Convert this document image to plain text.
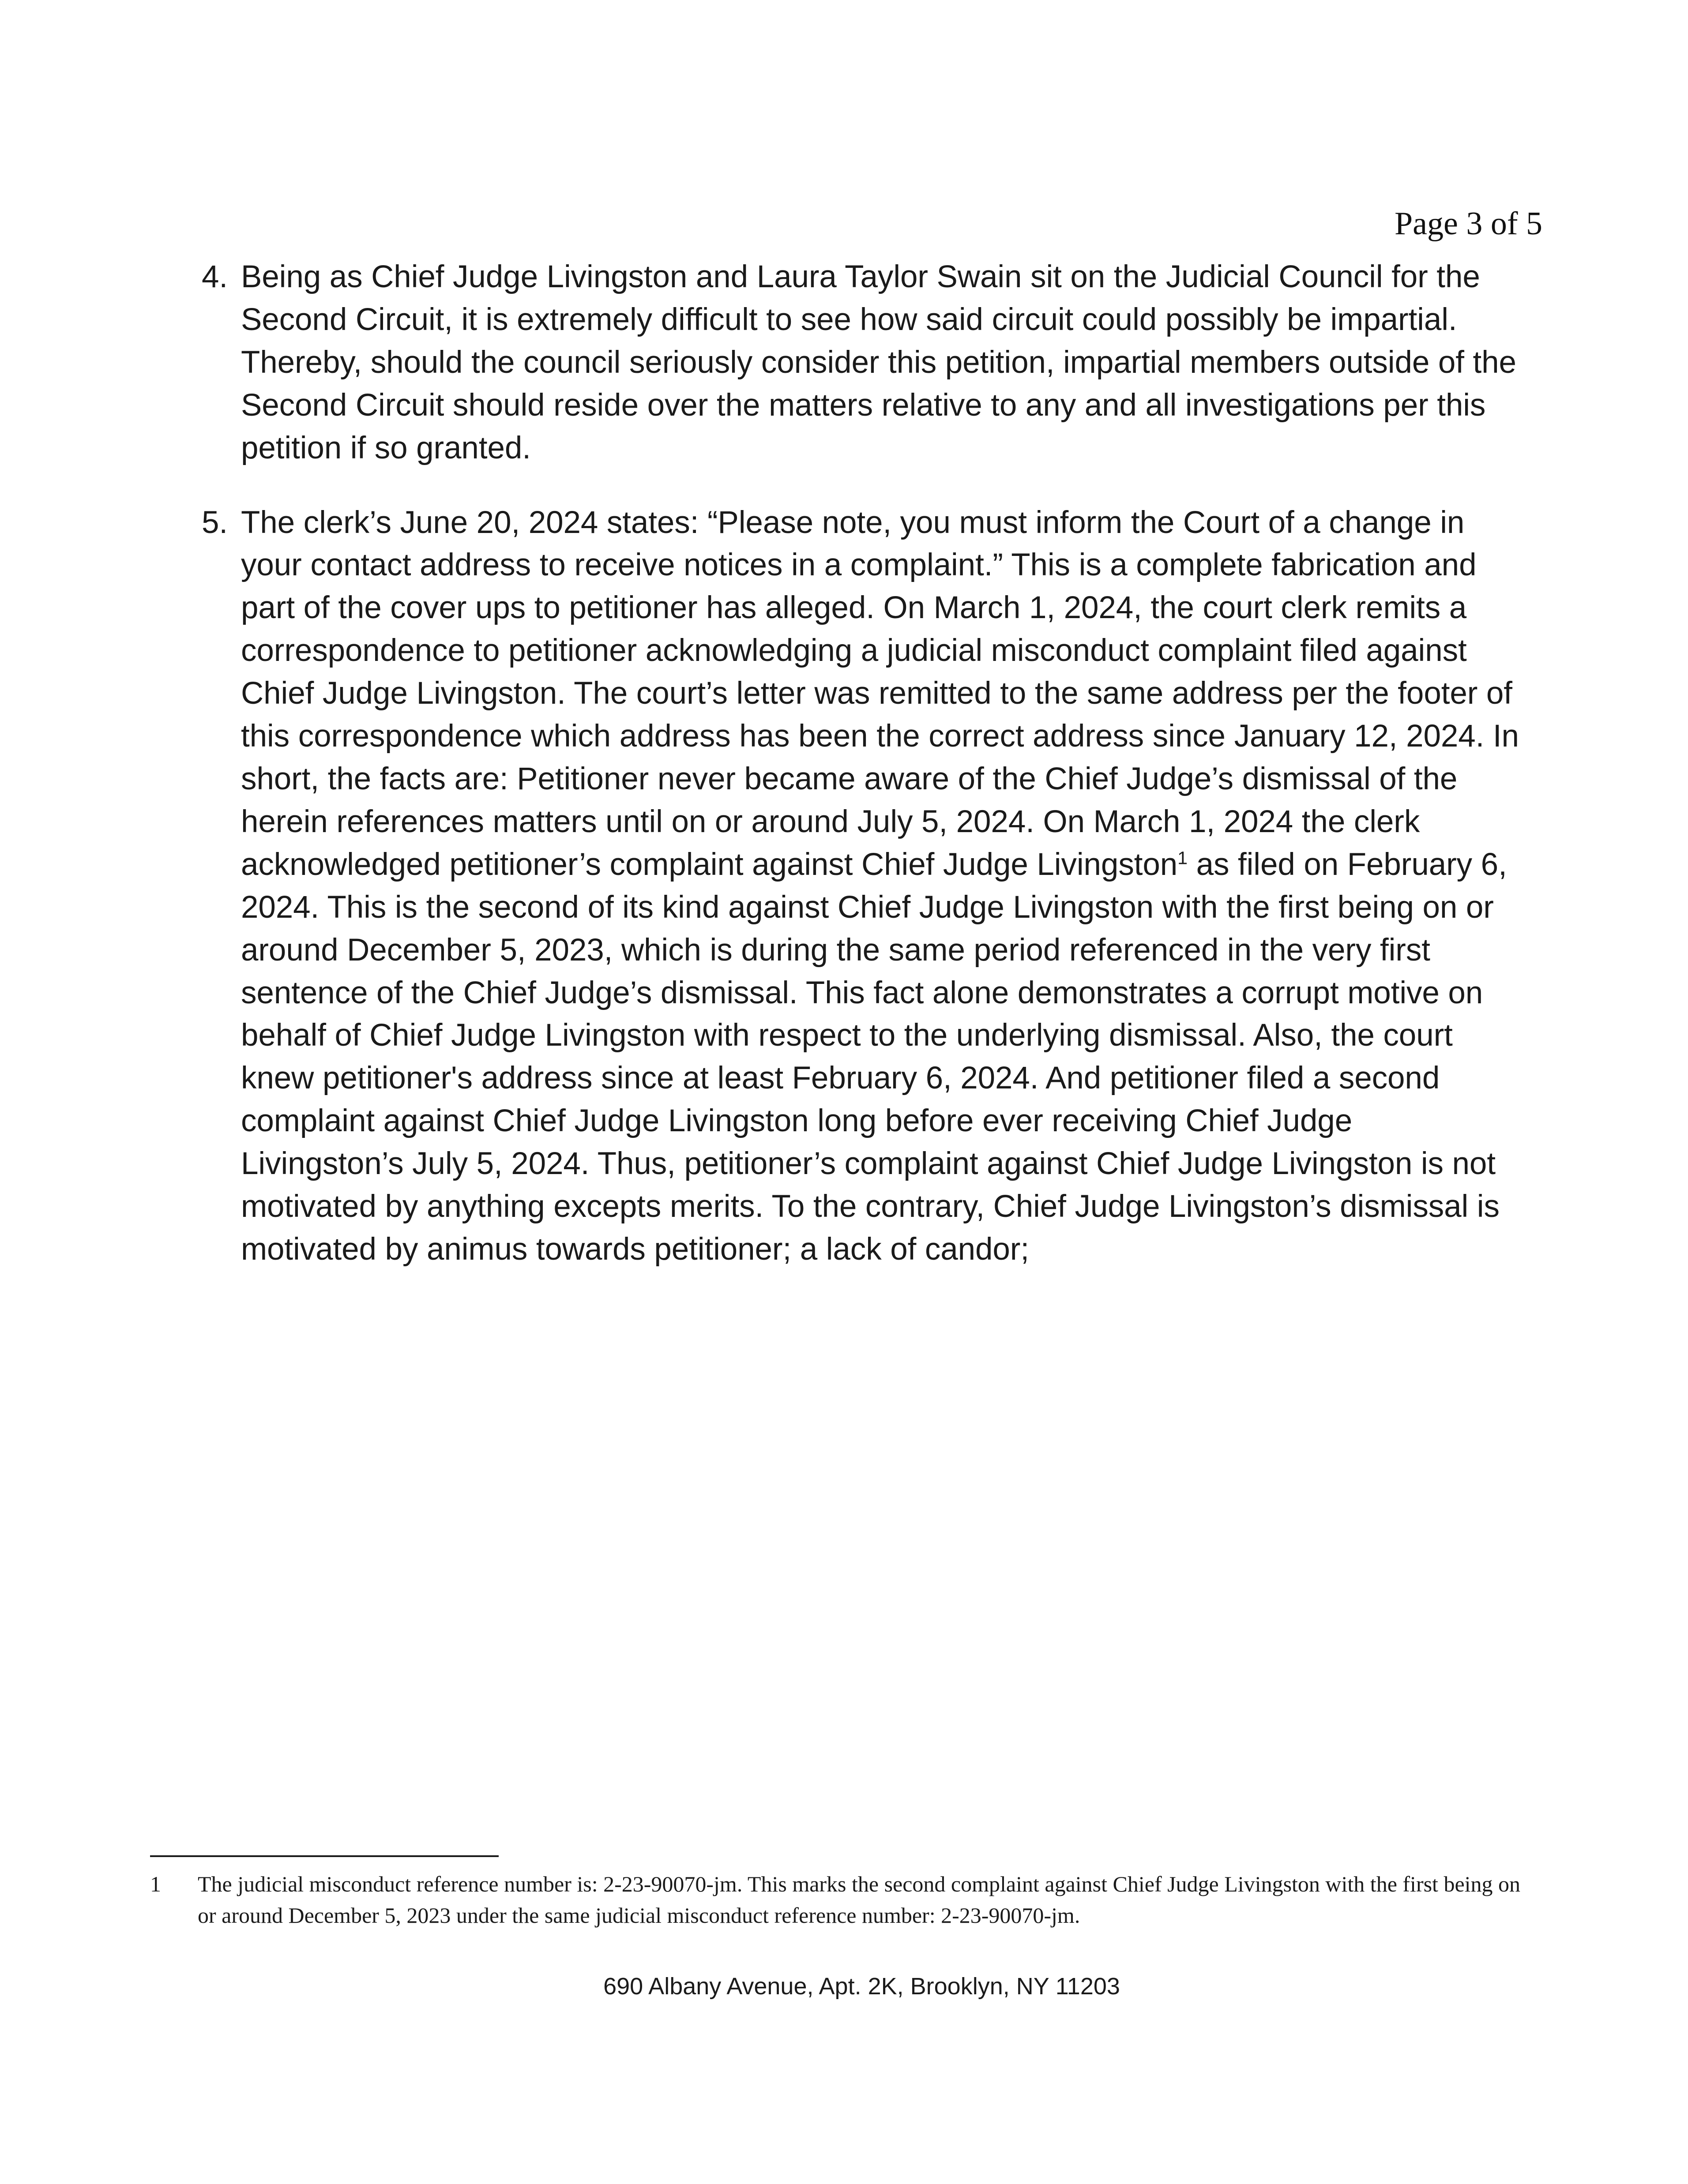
Page 3 of 5
4. Being as Chief Judge Livingston and Laura Taylor Swain sit on the Judicial Council for the Second Circuit, it is extremely difficult to see how said circuit could possibly be impartial. Thereby, should the council seriously consider this petition, impartial members outside of the Second Circuit should reside over the matters relative to any and all investigations per this petition if so granted.
5. The clerk’s June 20, 2024 states: “Please note, you must inform the Court of a change in your contact address to receive notices in a complaint.” This is a complete fabrication and part of the cover ups to petitioner has alleged. On March 1, 2024, the court clerk remits a correspondence to petitioner acknowledging a judicial misconduct complaint filed against Chief Judge Livingston. The court’s letter was remitted to the same address per the footer of this correspondence which address has been the correct address since January 12, 2024. In short, the facts are: Petitioner never became aware of the Chief Judge’s dismissal of the herein references matters until on or around July 5, 2024. On March 1, 2024 the clerk acknowledged petitioner’s complaint against Chief Judge Livingston$^1$ as filed on February 6, 2024. This is the second of its kind against Chief Judge Livingston with the first being on or around December 5, 2023, which is during the same period referenced in the very first sentence of the Chief Judge’s dismissal. This fact alone demonstrates a corrupt motive on behalf of Chief Judge Livingston with respect to the underlying dismissal. Also, the court knew petitioner's address since at least February 6, 2024. And petitioner filed a second complaint against Chief Judge Livingston long before ever receiving Chief Judge Livingston’s July 5, 2024. Thus, petitioner’s complaint against Chief Judge Livingston is not motivated by anything excepts merits. To the contrary, Chief Judge Livingston’s dismissal is motivated by animus towards petitioner; a lack of candor;
1	The judicial misconduct reference number is: 2-23-90070-jm. This marks the second complaint against Chief Judge Livingston with the first being on or around December 5, 2023 under the same judicial misconduct reference number: 2-23-90070-jm.
690 Albany Avenue, Apt. 2K, Brooklyn, NY 11203
